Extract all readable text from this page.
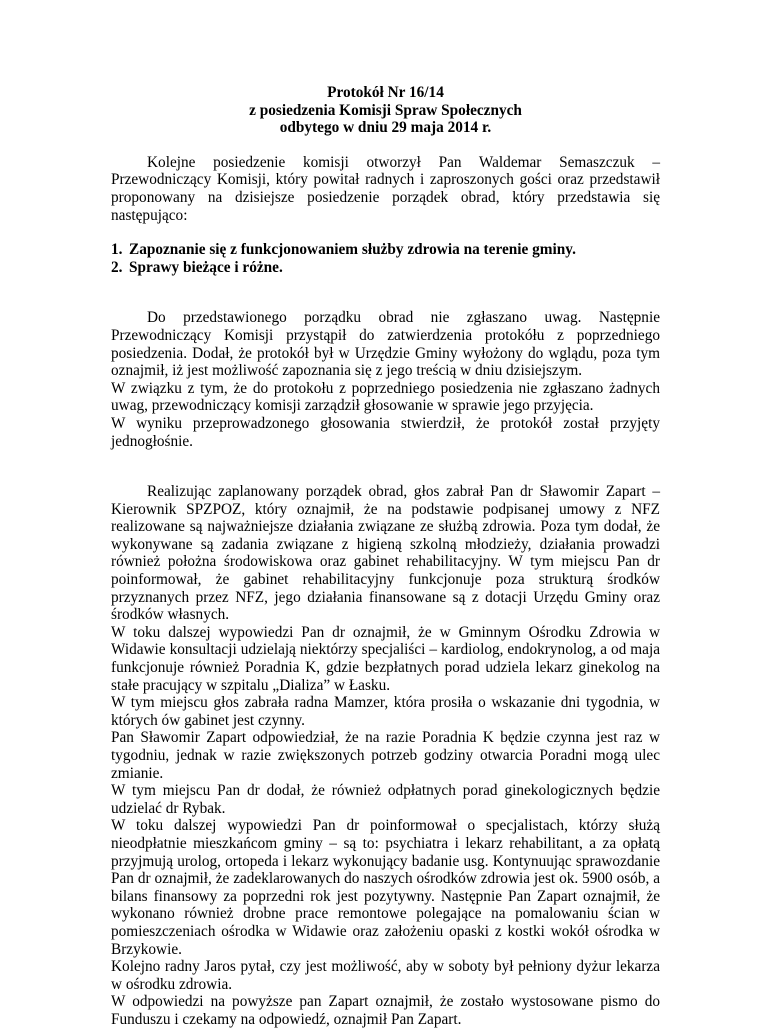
Protokół Nr 16/14
z posiedzenia Komisji Spraw Społecznych
odbytego w dniu 29 maja 2014 r.

Kolejne posiedzenie komisji otworzył Pan Waldemar Semaszczuk – Przewodniczący Komisji, który powitał radnych i zaproszonych gości oraz przedstawił proponowany na dzisiejsze posiedzenie porządek obrad, który przedstawia się następująco:

1. Zapoznanie się z funkcjonowaniem służby zdrowia na terenie gminy.
2. Sprawy bieżące i różne.

Do przedstawionego porządku obrad nie zgłaszano uwag. Następnie Przewodniczący Komisji przystąpił do zatwierdzenia protokółu z poprzedniego posiedzenia. Dodał, że protokół był w Urzędzie Gminy wyłożony do wglądu, poza tym oznajmił, iż jest możliwość zapoznania się z jego treścią w dniu dzisiejszym.

W związku z tym, że do protokołu z poprzedniego posiedzenia nie zgłaszano żadnych uwag, przewodniczący komisji zarządził głosowanie w sprawie jego przyjęcia.

W wyniku przeprowadzonego głosowania stwierdził, że protokół został przyjęty jednogłośnie.

Realizując zaplanowany porządek obrad, głos zabrał Pan dr Sławomir Zapart – Kierownik SPZPOZ, który oznajmił, że na podstawie podpisanej umowy z NFZ realizowane są najważniejsze działania związane ze służbą zdrowia. Poza tym dodał, że wykonywane są zadania związane z higieną szkolną młodzieży, działania prowadzi również położna środowiskowa oraz gabinet rehabilitacyjny. W tym miejscu Pan dr poinformował, że gabinet rehabilitacyjny funkcjonuje poza strukturą środków przyznanych przez NFZ, jego działania finansowane są z dotacji Urzędu Gminy oraz środków własnych.

W toku dalszej wypowiedzi Pan dr oznajmił, że w Gminnym Ośrodku Zdrowia w Widawie konsultacji udzielają niektórzy specjaliści – kardiolog, endokrynolog, a od maja funkcjonuje również Poradnia K, gdzie bezpłatnych porad udziela lekarz ginekolog na stałe pracujący w szpitalu „Dializa” w Łasku.

W tym miejscu głos zabrała radna Mamzer, która prosiła o wskazanie dni tygodnia, w których ów gabinet jest czynny.

Pan Sławomir Zapart odpowiedział, że na razie Poradnia K będzie czynna jest raz w tygodniu, jednak w razie zwiększonych potrzeb godziny otwarcia Poradni mogą ulec zmianie.

W tym miejscu Pan dr dodał, że również odpłatnych porad ginekologicznych będzie udzielać dr Rybak.

W toku dalszej wypowiedzi Pan dr poinformował o specjalistach, którzy służą nieodpłatnie mieszkańcom gminy – są to: psychiatra i lekarz rehabilitant, a za opłatą przyjmują urolog, ortopeda i lekarz wykonujący badanie usg. Kontynuując sprawozdanie Pan dr oznajmił, że zadeklarowanych do naszych ośrodków zdrowia jest ok. 5900 osób, a bilans finansowy za poprzedni rok jest pozytywny. Następnie Pan Zapart oznajmił, że wykonano również drobne prace remontowe polegające na pomalowaniu ścian w pomieszczeniach ośrodka w Widawie oraz założeniu opaski z kostki wokół ośrodka w Brzykowie.

Kolejno radny Jaros pytał, czy jest możliwość, aby w soboty był pełniony dyżur lekarza w ośrodku zdrowia.

W odpowiedzi na powyższe pan Zapart oznajmił, że zostało wystosowane pismo do Funduszu i czekamy na odpowiedź, oznajmił Pan Zapart.
